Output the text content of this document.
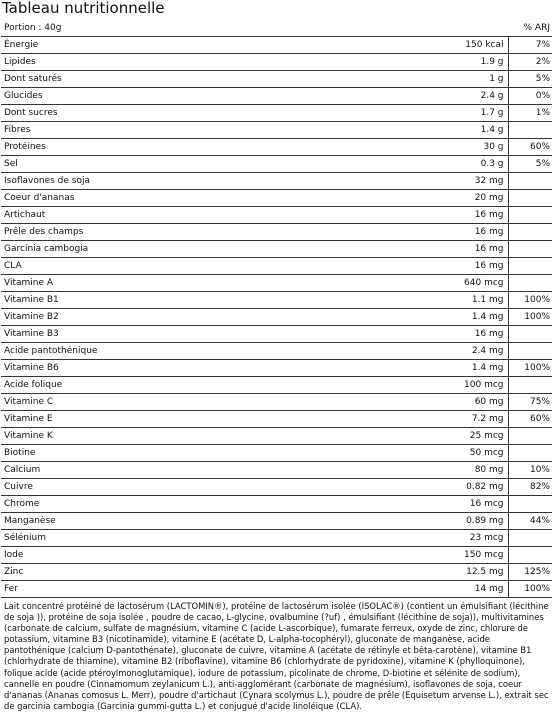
Tableau nutritionnelle
Portion : 40g		% ARJ
Énergie	150 kcal	7%
Lipides	1.9 g	2%
Dont saturés	1 g	5%
Glucides	2.4 g	0%
Dont sucres	1.7 g	1%
Fibres	1.4 g	
Protéines	30 g	60%
Sel	0.3 g	5%
Isoflavones de soja	32 mg	
Coeur d'ananas	20 mg	
Artichaut	16 mg	
Prêle des champs	16 mg	
Garcinia cambogia	16 mg	
CLA	16 mg	
Vitamine A	640 mcg	
Vitamine B1	1.1 mg	100%
Vitamine B2	1.4 mg	100%
Vitamine B3	16 mg	
Acide pantothénique	2.4 mg	
Vitamine B6	1.4 mg	100%
Acide folique	100 mcg	
Vitamine C	60 mg	75%
Vitamine E	7.2 mg	60%
Vitamine K	25 mcg	
Biotine	50 mcg	
Calcium	80 mg	10%
Cuivre	0.82 mg	82%
Chrome	16 mcg	
Manganèse	0.89 mg	44%
Sélénium	23 mcg	
Iode	150 mcg	
Zinc	12.5 mg	125%
Fer	14 mg	100%

Lait concentré protéiné de lactosérum (LACTOMIN®), protéine de lactosérum isolée (ISOLAC®) (contient un émulsifiant (lécithine de soja )), protéine de soja isolée , poudre de cacao, L-glycine, ovalbumine (?uf) , émulsifiant (lécithine de soja)), multivitamines (carbonate de calcium, sulfate de magnésium, vitamine C (acide L-ascorbique), fumarate ferreux, oxyde de zinc, chlorure de potassium, vitamine B3 (nicotinamide), vitamine E (acétate D, L-alpha-tocophéryl), gluconate de manganèse, acide pantothénique (calcium D-pantothénate), gluconate de cuivre, vitamine A (acétate de rétinyle et bêta-carotène), vitamine B1 (chlorhydrate de thiamine), vitamine B2 (riboflavine), vitamine B6 (chlorhydrate de pyridoxine), vitamine K (phylloquinone), folique acide (acide ptéroylmonoglutamique), iodure de potassium, picolinate de chrome, D-biotine et sélénite de sodium), cannelle en poudre (Cinnamomum zeylanicum L.), anti-agglomérant (carbonate de magnésium), isoflavones de soja, coeur d'ananas (Ananas comosus L. Merr), poudre d'artichaut (Cynara scolymus L.), poudre de prêle (Equisetum arvense L.), extrait sec de garcinia cambogia (Garcinia gummi-gutta L.) et conjugué d'acide linoléique (CLA).
